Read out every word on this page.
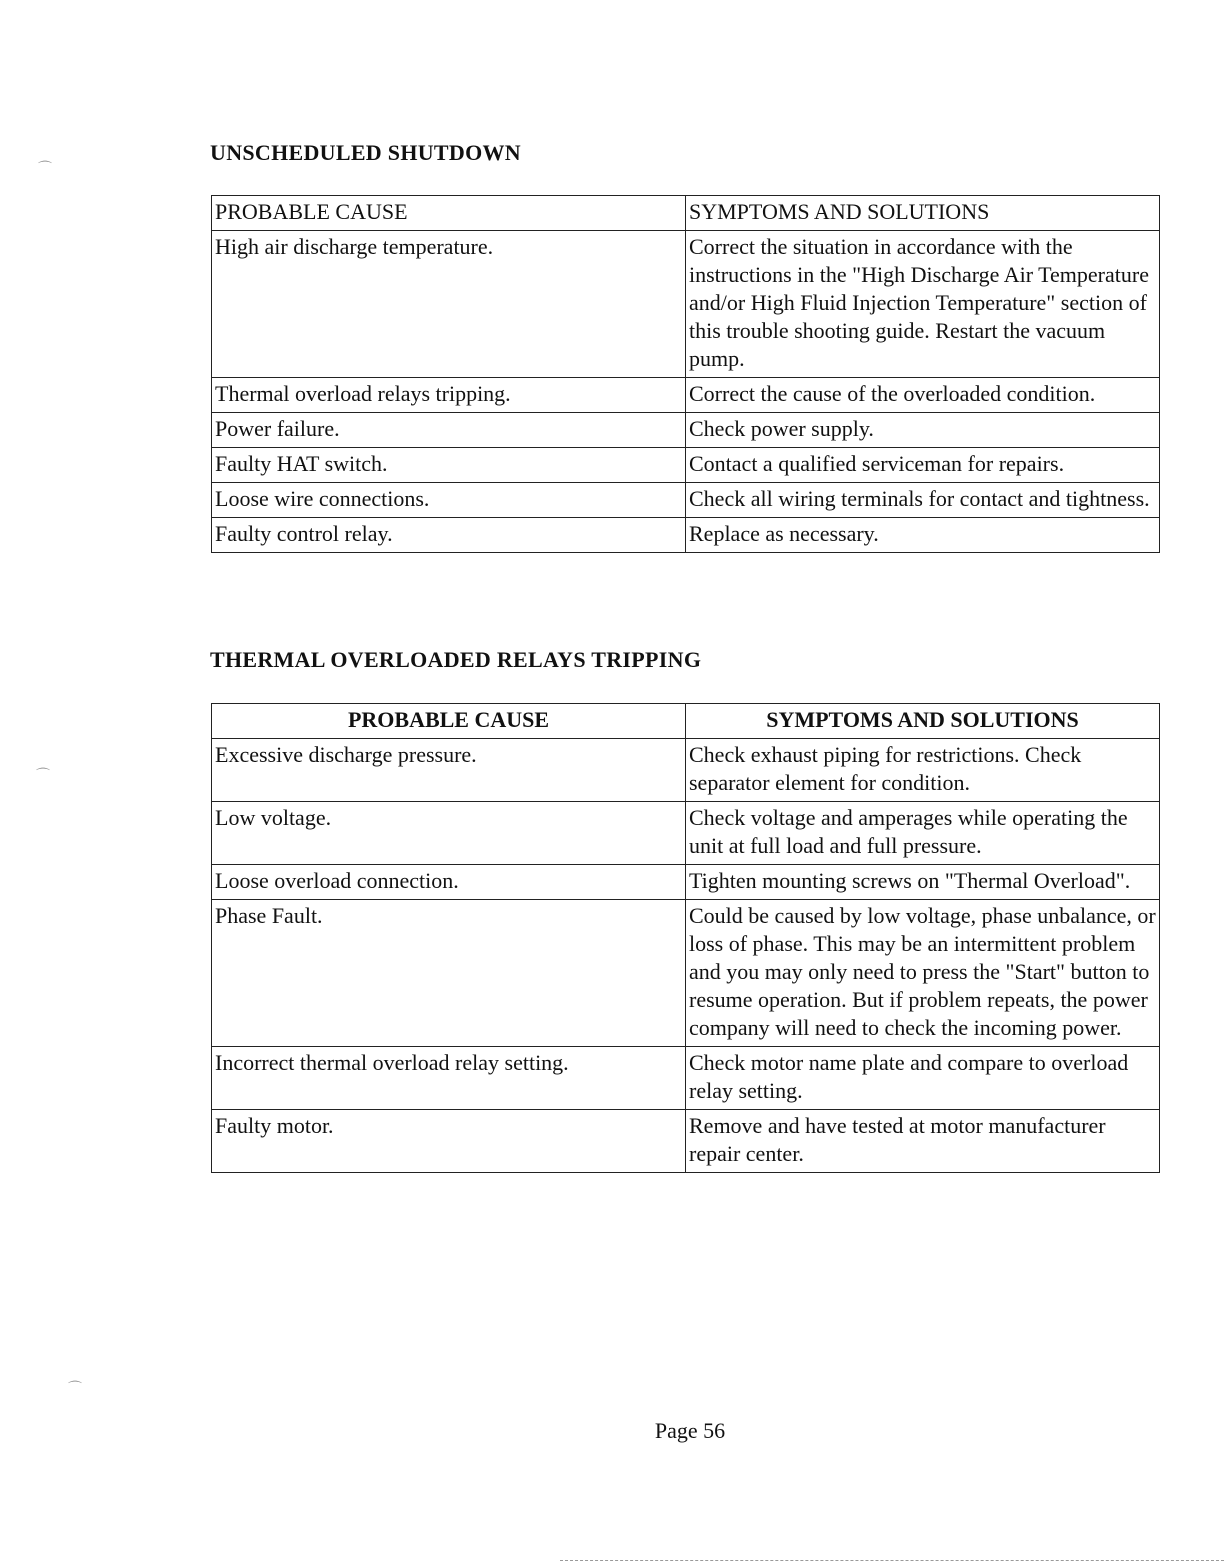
UNSCHEDULED SHUTDOWN
PROBABLE CAUSE	SYMPTOMS AND SOLUTIONS
High air discharge temperature.	Correct the situation in accordance with the instructions in the "High Discharge Air Temperature and/or High Fluid Injection Temperature" section of this trouble shooting guide. Restart the vacuum pump.
Thermal overload relays tripping.	Correct the cause of the overloaded condition.
Power failure.	Check power supply.
Faulty HAT switch.	Contact a qualified serviceman for repairs.
Loose wire connections.	Check all wiring terminals for contact and tightness.
Faulty control relay.	Replace as necessary.
THERMAL OVERLOADED RELAYS TRIPPING
PROBABLE CAUSE	SYMPTOMS AND SOLUTIONS
Excessive discharge pressure.	Check exhaust piping for restrictions. Check separator element for condition.
Low voltage.	Check voltage and amperages while operating the unit at full load and full pressure.
Loose overload connection.	Tighten mounting screws on "Thermal Overload".
Phase Fault.	Could be caused by low voltage, phase unbalance, or loss of phase. This may be an intermittent problem and you may only need to press the "Start" button to resume operation. But if problem repeats, the power company will need to check the incoming power.
Incorrect thermal overload relay setting.	Check motor name plate and compare to overload relay setting.
Faulty motor.	Remove and have tested at motor manufacturer repair center.
Page 56
⌒
⌒
⌒
